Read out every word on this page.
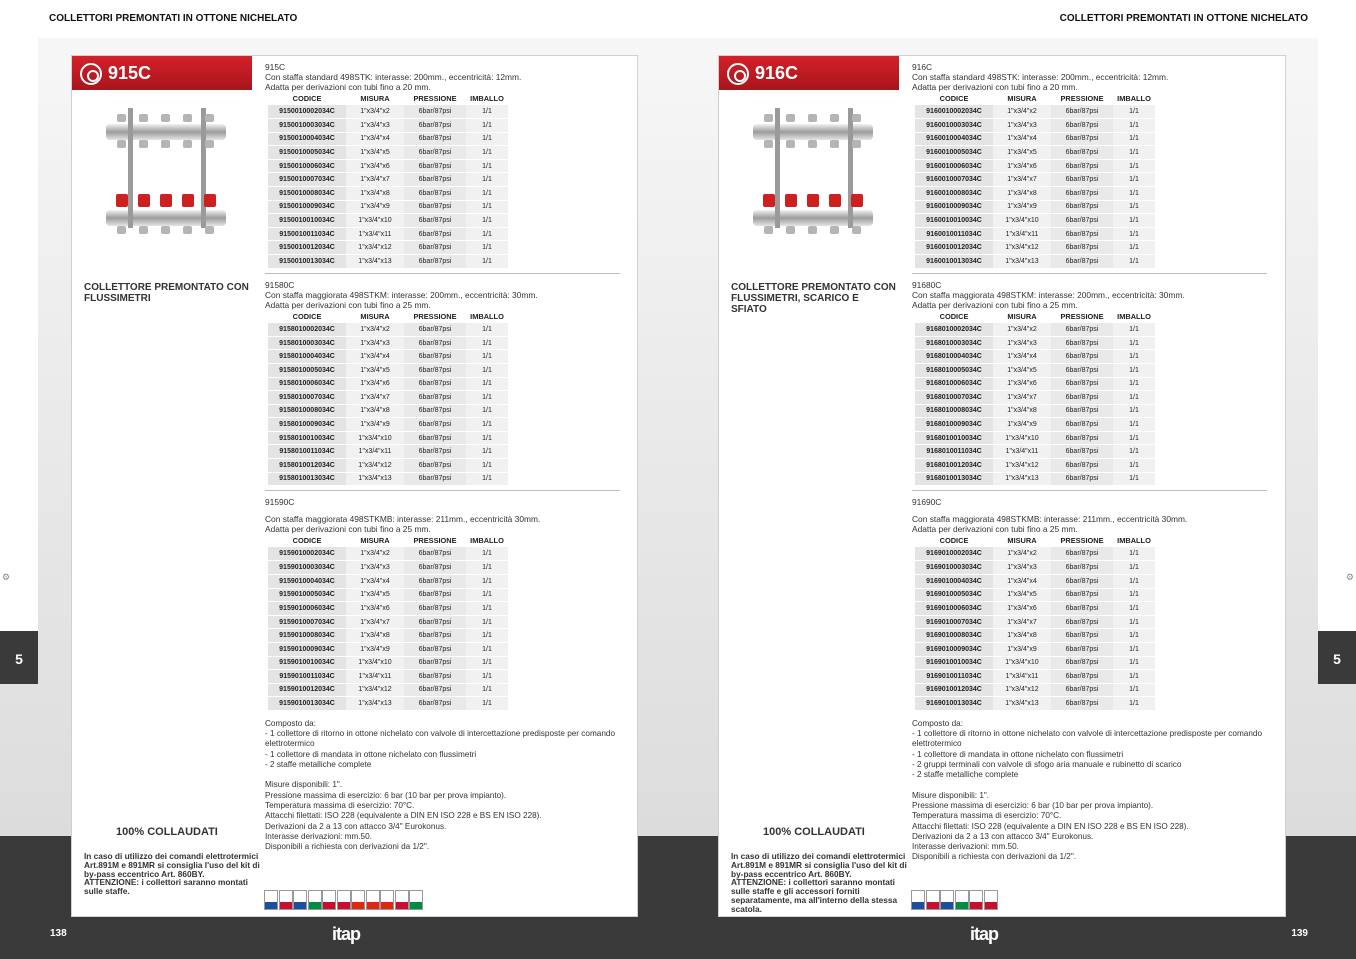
5	5
⚙	⚙
COLLETTORI PREMONTATI IN OTTONE NICHELATO	COLLETTORI PREMONTATI IN OTTONE NICHELATO
138	139
itap	itap
915C
COLLETTORE PREMONTATO CON FLUSSIMETRI
100% COLLAUDATI
In caso di utilizzo dei comandi elettrotermici Art.891M e 891MR si consiglia l'uso del kit di by-pass eccentrico Art. 860BY. ATTENZIONE: i collettori saranno montati sulle staffe.
915C
Con staffa standard 498STK: interasse: 200mm., eccentricità: 12mm.
Adatta per derivazioni con tubi fino a 20 mm.
CODICE	MISURA	PRESSIONE	IMBALLO
9150010002034C	1"x3/4"x2	6bar/87psi	1/1
9150010003034C	1"x3/4"x3	6bar/87psi	1/1
9150010004034C	1"x3/4"x4	6bar/87psi	1/1
9150010005034C	1"x3/4"x5	6bar/87psi	1/1
9150010006034C	1"x3/4"x6	6bar/87psi	1/1
9150010007034C	1"x3/4"x7	6bar/87psi	1/1
9150010008034C	1"x3/4"x8	6bar/87psi	1/1
9150010009034C	1"x3/4"x9	6bar/87psi	1/1
9150010010034C	1"x3/4"x10	6bar/87psi	1/1
9150010011034C	1"x3/4"x11	6bar/87psi	1/1
9150010012034C	1"x3/4"x12	6bar/87psi	1/1
9150010013034C	1"x3/4"x13	6bar/87psi	1/1
91580C
Con staffa maggiorata 498STKM: interasse: 200mm., eccentricità: 30mm.
Adatta per derivazioni con tubi fino a 25 mm.
CODICE	MISURA	PRESSIONE	IMBALLO
9158010002034C	1"x3/4"x2	6bar/87psi	1/1
9158010003034C	1"x3/4"x3	6bar/87psi	1/1
9158010004034C	1"x3/4"x4	6bar/87psi	1/1
9158010005034C	1"x3/4"x5	6bar/87psi	1/1
9158010006034C	1"x3/4"x6	6bar/87psi	1/1
9158010007034C	1"x3/4"x7	6bar/87psi	1/1
9158010008034C	1"x3/4"x8	6bar/87psi	1/1
9158010009034C	1"x3/4"x9	6bar/87psi	1/1
9158010010034C	1"x3/4"x10	6bar/87psi	1/1
9158010011034C	1"x3/4"x11	6bar/87psi	1/1
9158010012034C	1"x3/4"x12	6bar/87psi	1/1
9158010013034C	1"x3/4"x13	6bar/87psi	1/1
91590C

Con staffa maggiorata 498STKMB: interasse: 211mm., eccentricità 30mm.
Adatta per derivazioni con tubi fino a 25 mm.
CODICE	MISURA	PRESSIONE	IMBALLO
9159010002034C	1"x3/4"x2	6bar/87psi	1/1
9159010003034C	1"x3/4"x3	6bar/87psi	1/1
9159010004034C	1"x3/4"x4	6bar/87psi	1/1
9159010005034C	1"x3/4"x5	6bar/87psi	1/1
9159010006034C	1"x3/4"x6	6bar/87psi	1/1
9159010007034C	1"x3/4"x7	6bar/87psi	1/1
9159010008034C	1"x3/4"x8	6bar/87psi	1/1
9159010009034C	1"x3/4"x9	6bar/87psi	1/1
9159010010034C	1"x3/4"x10	6bar/87psi	1/1
9159010011034C	1"x3/4"x11	6bar/87psi	1/1
9159010012034C	1"x3/4"x12	6bar/87psi	1/1
9159010013034C	1"x3/4"x13	6bar/87psi	1/1
Composto da:
- 1 collettore di ritorno in ottone nichelato con valvole di intercettazione predisposte per comando elettrotermico
- 1 collettore di mandata in ottone nichelato con flussimetri
- 2 staffe metalliche complete
Misure disponibili: 1".
Pressione massima di esercizio: 6 bar (10 bar per prova impianto).
Temperatura massima di esercizio: 70°C.
Attacchi filettati: ISO 228 (equivalente a DIN EN ISO 228 e BS EN ISO 228).
Derivazioni da 2 a 13 con attacco 3/4" Eurokonus.
Interasse derivazioni: mm.50.
Disponibili a richiesta con derivazioni da 1/2".
916C
COLLETTORE PREMONTATO CON FLUSSIMETRI, SCARICO E SFIATO
100% COLLAUDATI
In caso di utilizzo dei comandi elettrotermici Art.891M e 891MR si consiglia l'uso del kit di by-pass eccentrico Art. 860BY. ATTENZIONE: i collettori saranno montati sulle staffe e gli accessori forniti separatamente, ma all'interno della stessa scatola.
916C
Con staffa standard 498STK: interasse: 200mm., eccentricità: 12mm.
Adatta per derivazioni con tubi fino a 20 mm.
CODICE	MISURA	PRESSIONE	IMBALLO
9160010002034C	1"x3/4"x2	6bar/87psi	1/1
9160010003034C	1"x3/4"x3	6bar/87psi	1/1
9160010004034C	1"x3/4"x4	6bar/87psi	1/1
9160010005034C	1"x3/4"x5	6bar/87psi	1/1
9160010006034C	1"x3/4"x6	6bar/87psi	1/1
9160010007034C	1"x3/4"x7	6bar/87psi	1/1
9160010008034C	1"x3/4"x8	6bar/87psi	1/1
9160010009034C	1"x3/4"x9	6bar/87psi	1/1
9160010010034C	1"x3/4"x10	6bar/87psi	1/1
9160010011034C	1"x3/4"x11	6bar/87psi	1/1
9160010012034C	1"x3/4"x12	6bar/87psi	1/1
9160010013034C	1"x3/4"x13	6bar/87psi	1/1
91680C
Con staffa maggiorata 498STKM: interasse: 200mm., eccentricità: 30mm.
Adatta per derivazioni con tubi fino a 25 mm.
CODICE	MISURA	PRESSIONE	IMBALLO
9168010002034C	1"x3/4"x2	6bar/87psi	1/1
9168010003034C	1"x3/4"x3	6bar/87psi	1/1
9168010004034C	1"x3/4"x4	6bar/87psi	1/1
9168010005034C	1"x3/4"x5	6bar/87psi	1/1
9168010006034C	1"x3/4"x6	6bar/87psi	1/1
9168010007034C	1"x3/4"x7	6bar/87psi	1/1
9168010008034C	1"x3/4"x8	6bar/87psi	1/1
9168010009034C	1"x3/4"x9	6bar/87psi	1/1
9168010010034C	1"x3/4"x10	6bar/87psi	1/1
9168010011034C	1"x3/4"x11	6bar/87psi	1/1
9168010012034C	1"x3/4"x12	6bar/87psi	1/1
9168010013034C	1"x3/4"x13	6bar/87psi	1/1
91690C

Con staffa maggiorata 498STKMB: interasse: 211mm., eccentricità 30mm.
Adatta per derivazioni con tubi fino a 25 mm.
CODICE	MISURA	PRESSIONE	IMBALLO
9169010002034C	1"x3/4"x2	6bar/87psi	1/1
9169010003034C	1"x3/4"x3	6bar/87psi	1/1
9169010004034C	1"x3/4"x4	6bar/87psi	1/1
9169010005034C	1"x3/4"x5	6bar/87psi	1/1
9169010006034C	1"x3/4"x6	6bar/87psi	1/1
9169010007034C	1"x3/4"x7	6bar/87psi	1/1
9169010008034C	1"x3/4"x8	6bar/87psi	1/1
9169010009034C	1"x3/4"x9	6bar/87psi	1/1
9169010010034C	1"x3/4"x10	6bar/87psi	1/1
9169010011034C	1"x3/4"x11	6bar/87psi	1/1
9169010012034C	1"x3/4"x12	6bar/87psi	1/1
9169010013034C	1"x3/4"x13	6bar/87psi	1/1
Composto da:
- 1 collettore di ritorno in ottone nichelato con valvole di intercettazione predisposte per comando elettrotermico
- 1 collettore di mandata in ottone nichelato con flussimetri
- 2 gruppi terminali con valvole di sfogo aria manuale e rubinetto di scarico
- 2 staffe metalliche complete
Misure disponibili: 1".
Pressione massima di esercizio: 6 bar (10 bar per prova impianto).
Temperatura massima di esercizio: 70°C.
Attacchi filettati: ISO 228 (equivalente a DIN EN ISO 228 e BS EN ISO 228).
Derivazioni da 2 a 13 con attacco 3/4" Eurokonus.
Interasse derivazioni: mm.50.
Disponibili a richiesta con derivazioni da 1/2".
